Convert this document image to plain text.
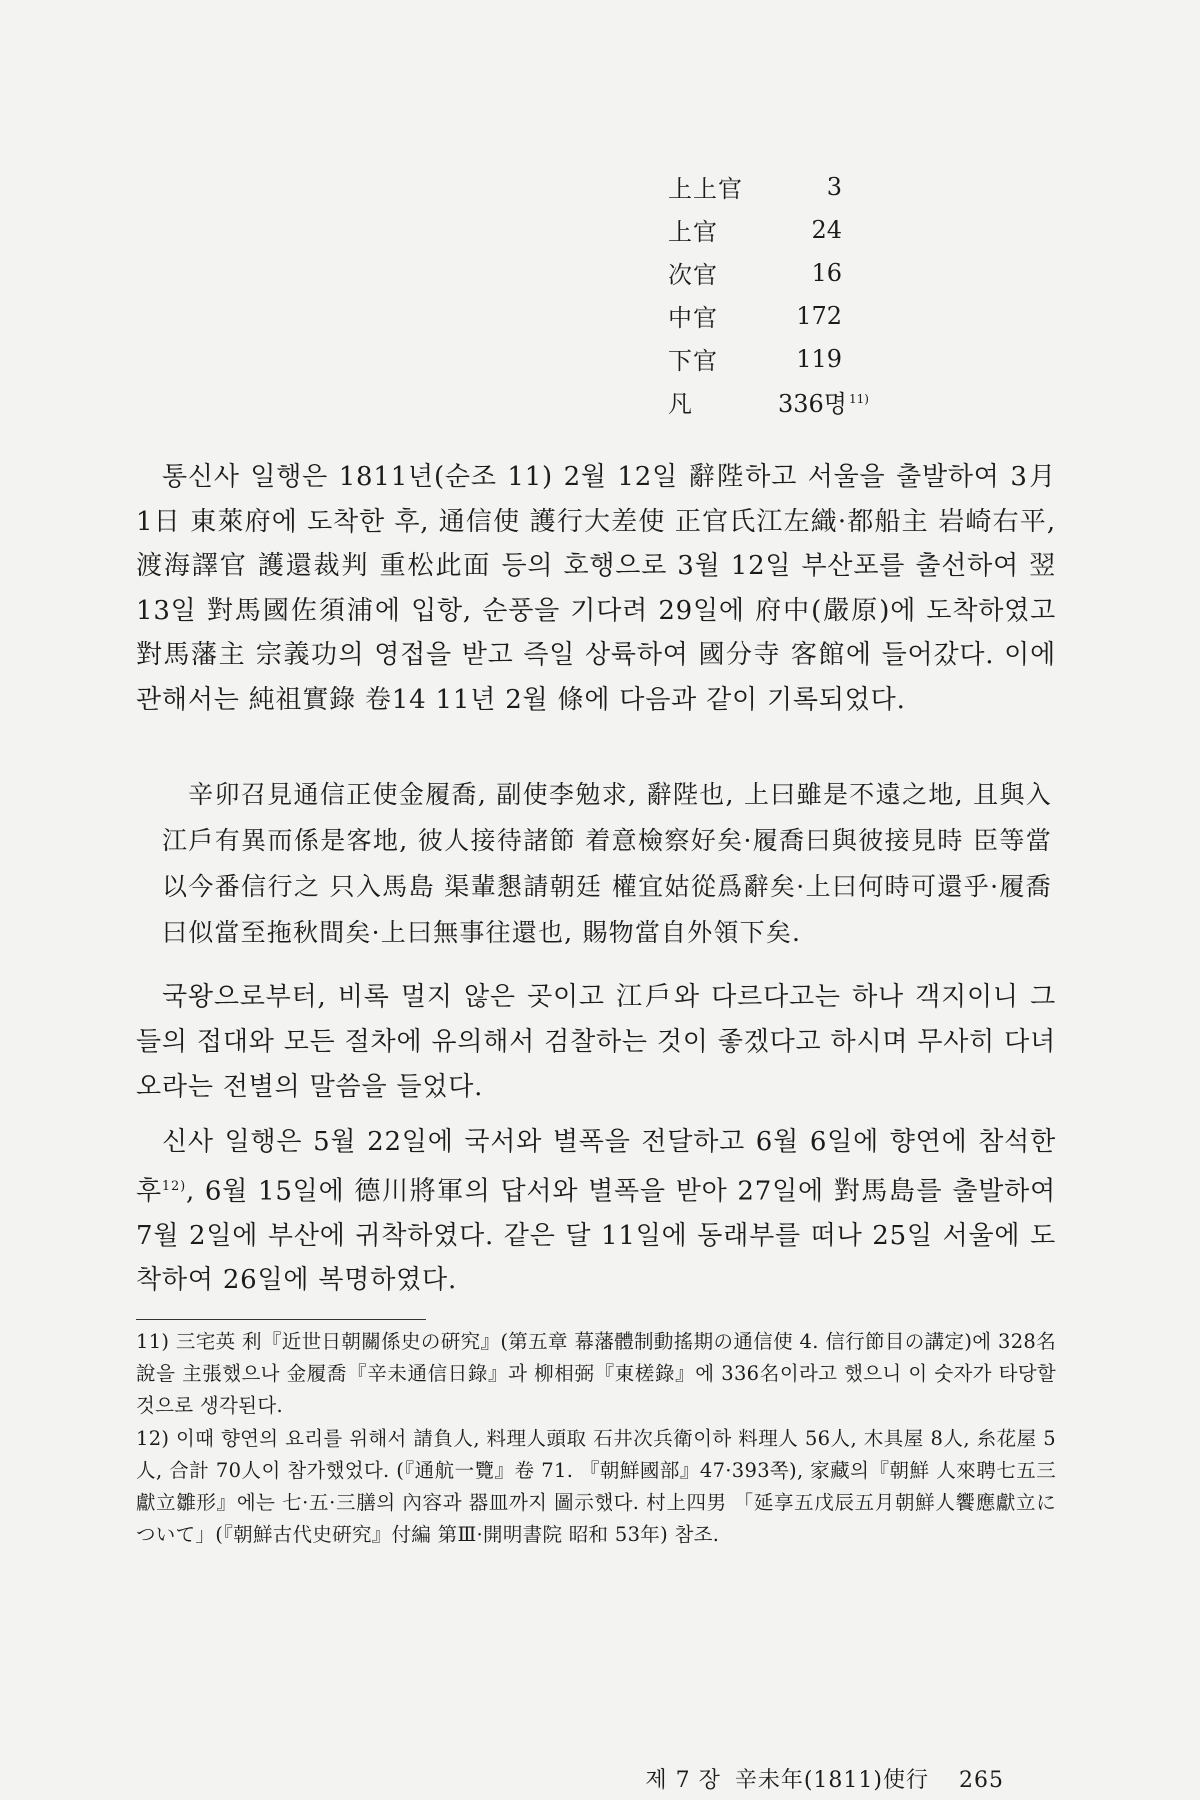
上上官	3
上官	24
次官	16
中官	172
下官	119
凡	336명 $^{11)}$

통신사 일행은 1811년(순조 11) 2월 12일 辭陛하고 서울을 출발하여 3月 1日 東萊府에 도착한 후, 通信使 護行大差使 正官氏江左織·都船主 岩崎右平, 渡海譯官 護還裁判 重松此面 등의 호행으로 3월 12일 부산포를 출선하여 翌 13일 對馬國佐須浦에 입항, 순풍을 기다려 29일에 府中(嚴原)에 도착하였고 對馬藩主 宗義功의 영접을 받고 즉일 상륙하여 國分寺 客館에 들어갔다. 이에 관해서는 純祖實錄 卷14 11년 2월 條에 다음과 같이 기록되었다.

辛卯召見通信正使金履喬, 副使李勉求, 辭陛也, 上曰雖是不遠之地, 且與入江戶有異而係是客地, 彼人接待諸節 着意檢察好矣·履喬曰與彼接見時 臣等當以今番信行之 只入馬島 渠輩懇請朝廷 權宜姑從爲辭矣·上曰何時可還乎·履喬曰似當至拖秋間矣·上曰無事往還也, 賜物當自外領下矣.

국왕으로부터, 비록 멀지 않은 곳이고 江戶와 다르다고는 하나 객지이니 그들의 접대와 모든 절차에 유의해서 검찰하는 것이 좋겠다고 하시며 무사히 다녀오라는 전별의 말씀을 들었다.

신사 일행은 5월 22일에 국서와 별폭을 전달하고 6월 6일에 향연에 참석한 후$^{12)}$, 6월 15일에 德川將軍의 답서와 별폭을 받아 27일에 對馬島를 출발하여 7월 2일에 부산에 귀착하였다. 같은 달 11일에 동래부를 떠나 25일 서울에 도착하여 26일에 복명하였다.

11) 三宅英 利『近世日朝關係史の硏究』(第五章 幕藩體制動搖期の通信使 4. 信行節目の講定)에 328名說을 主張했으나 金履喬『辛未通信日錄』과 柳相弼『東槎錄』에 336名이라고 했으니 이 숫자가 타당할 것으로 생각된다.

12) 이때 향연의 요리를 위해서 請負人, 料理人頭取 石井次兵衛이하 料理人 56人, 木具屋 8人, 糸花屋 5人, 合計 70人이 참가했었다. (『通航一覽』卷 71. 『朝鮮國部』47·393쪽), 家藏의『朝鮮 人來聘七五三獻立雛形』에는 七·五·三膳의 內容과 器皿까지 圖示했다. 村上四男 「延享五戊辰五月朝鮮人饗應獻立について」(『朝鮮古代史硏究』付編 第Ⅲ·開明書院 昭和 53年) 참조.

제 7 장 辛未年(1811)使行 265
